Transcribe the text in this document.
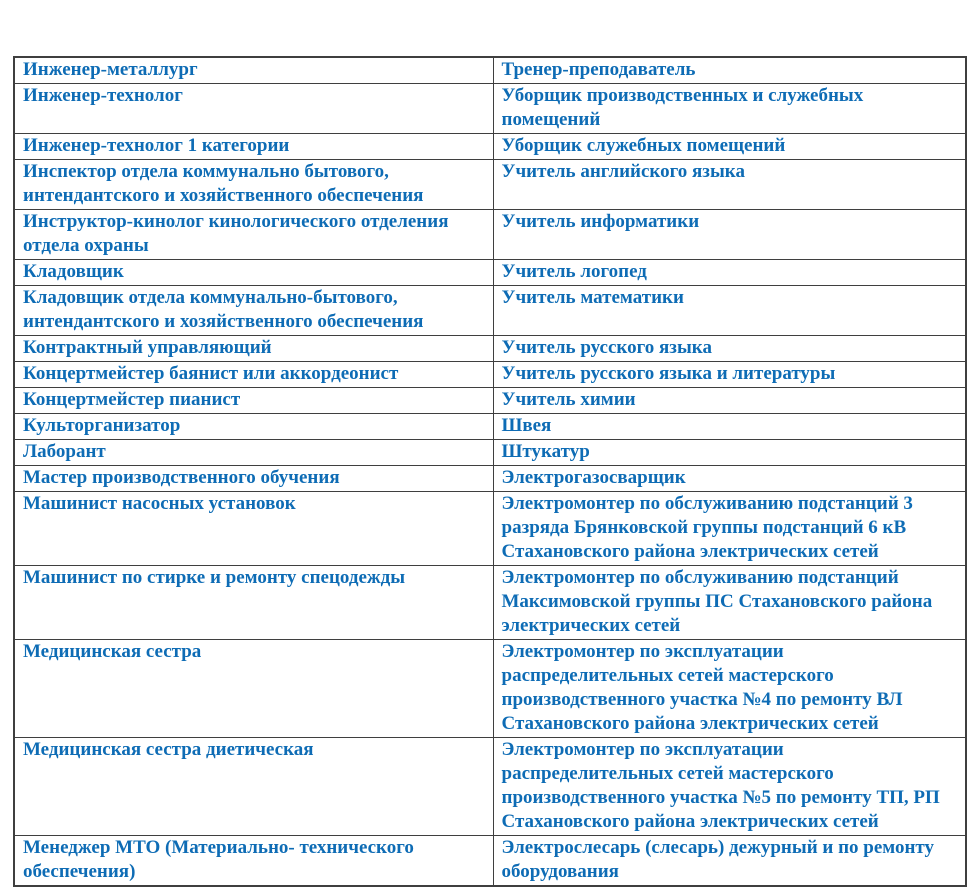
Инженер-металлург	Тренер-преподаватель
Инженер-технолог	Уборщик производственных и служебных помещений
Инженер-технолог 1 категории	Уборщик служебных помещений
Инспектор отдела коммунально бытового, интендантского и хозяйственного обеспечения	Учитель английского языка
Инструктор-кинолог кинологического отделения отдела охраны	Учитель информатики
Кладовщик	Учитель логопед
Кладовщик отдела коммунально-бытового, интендантского и хозяйственного обеспечения	Учитель математики
Контрактный управляющий	Учитель русского языка
Концертмейстер баянист или аккордеонист	Учитель русского языка и литературы
Концертмейстер пианист	Учитель химии
Культорганизатор	Швея
Лаборант	Штукатур
Мастер производственного обучения	Электрогазосварщик
Машинист насосных установок	Электромонтер по обслуживанию подстанций 3 разряда Брянковской группы подстанций 6 кВ Стахановского района электрических сетей
Машинист по стирке и ремонту спецодежды	Электромонтер по обслуживанию подстанций Максимовской группы ПС Стахановского района электрических сетей
Медицинская сестра	Электромонтер по эксплуатации распределительных сетей мастерского производственного участка №4 по ремонту ВЛ Стахановского района электрических сетей
Медицинская сестра диетическая	Электромонтер по эксплуатации распределительных сетей мастерского производственного участка №5 по ремонту ТП, РП Стахановского района электрических сетей
Менеджер МТО (Материально- технического обеспечения)	Электрослесарь (слесарь) дежурный и по ремонту оборудования
